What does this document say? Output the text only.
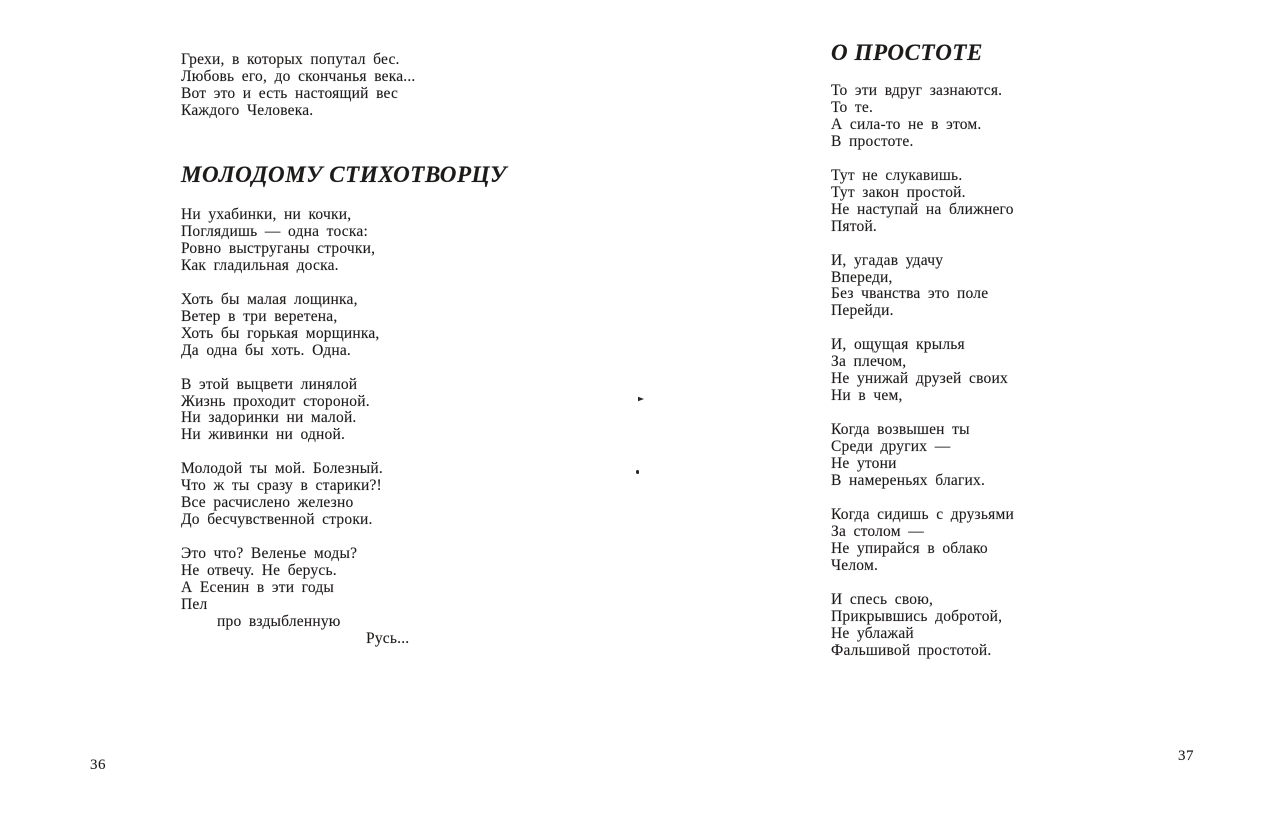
Грехи, в которых попутал бес.
Любовь его, до скончанья века...
Вот это и есть настоящий вес
Каждого Человека.
МОЛОДОМУ СТИХОТВОРЦУ
Ни ухабинки, ни кочки,
Поглядишь — одна тоска:
Ровно выструганы строчки,
Как гладильная доска.
Хоть бы малая лощинка,
Ветер в три веретена,
Хоть бы горькая морщинка,
Да одна бы хоть. Одна.
В этой выцвети линялой
Жизнь проходит стороной.
Ни задоринки ни малой.
Ни живинки ни одной.
Молодой ты мой. Болезный.
Что ж ты сразу в старики?!
Все расчислено железно
До бесчувственной строки.
Это что? Веленье моды?
Не отвечу. Не берусь.
А Есенин в эти годы
Пел
про вздыбленную
Русь...
36
О ПРОСТОТЕ
То эти вдруг зазнаются.
То те.
А сила-то не в этом.
В простоте.
Тут не слукавишь.
Тут закон простой.
Не наступай на ближнего
Пятой.
И, угадав удачу
Впереди,
Без чванства это поле
Перейди.
И, ощущая крылья
За плечом,
Не унижай друзей своих
Ни в чем,
Когда возвышен ты
Среди других —
Не утони
В намереньях благих.
Когда сидишь с друзьями
За столом —
Не упирайся в облако
Челом.
И спесь свою,
Прикрывшись добротой,
Не ублажай
Фальшивой простотой.
37
